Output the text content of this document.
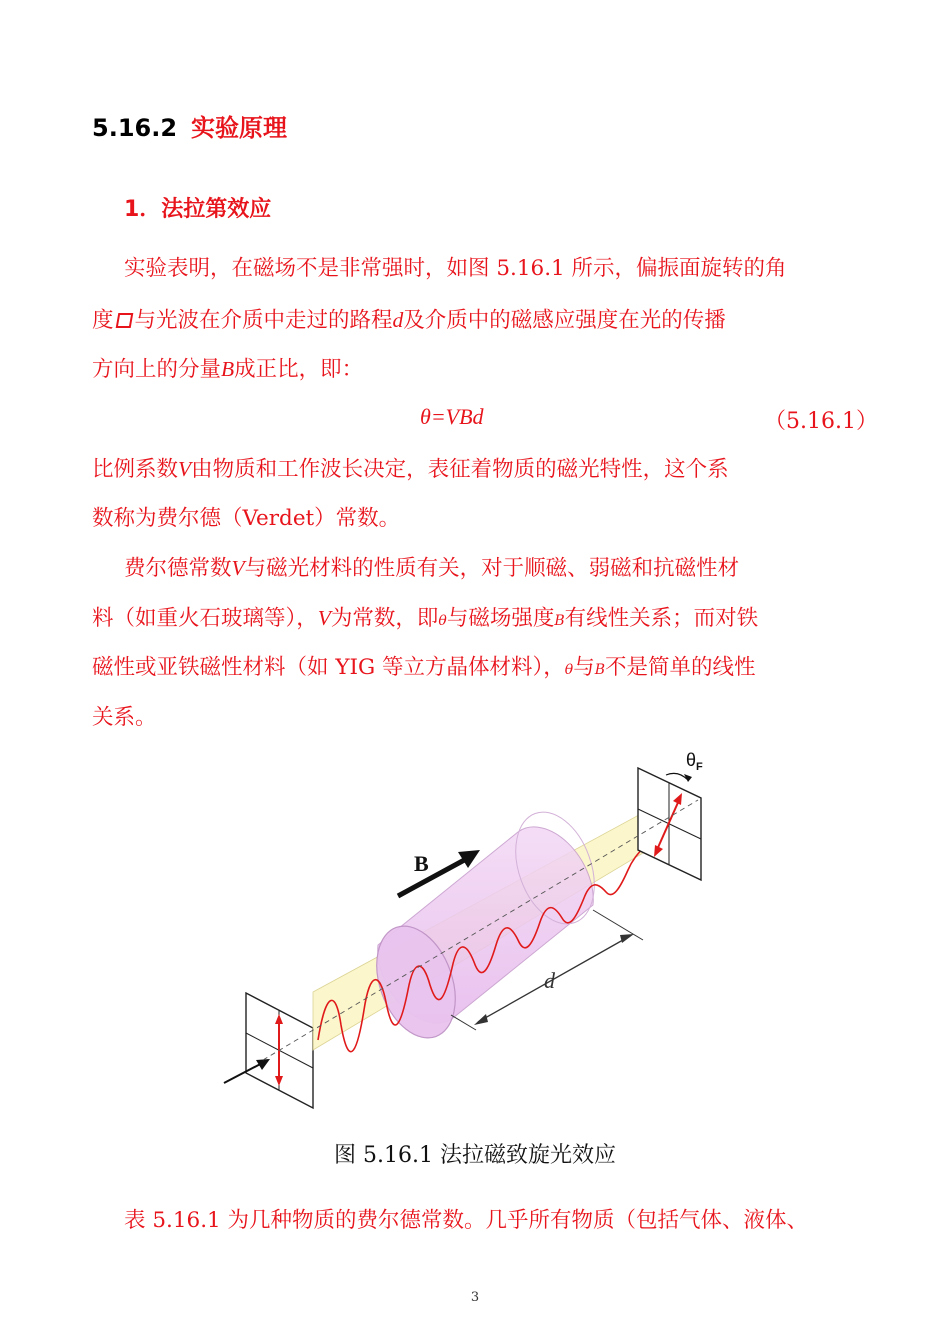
5.16.2 实验原理
1．法拉第效应
实验表明，在磁场不是非常强时，如图 5.16.1 所示，偏振面旋转的角
度 与光波在介质中走过的路程d及介质中的磁感应强度在光的传播
方向上的分量B成正比，即：
θ=VBd	（5.16.1）
比例系数V由物质和工作波长决定，表征着物质的磁光特性，这个系
数称为费尔德（Verdet）常数。
费尔德常数V与磁光材料的性质有关，对于顺磁、弱磁和抗磁性材
料（如重火石玻璃等），V为常数，即θ与磁场强度B有线性关系；而对铁
磁性或亚铁磁性材料（如 YIG 等立方晶体材料），θ与B不是简单的线性
关系。
$\theta_F$
B
d
图 5.16.1 法拉磁致旋光效应
表 5.16.1 为几种物质的费尔德常数。几乎所有物质（包括气体、液体、
3
